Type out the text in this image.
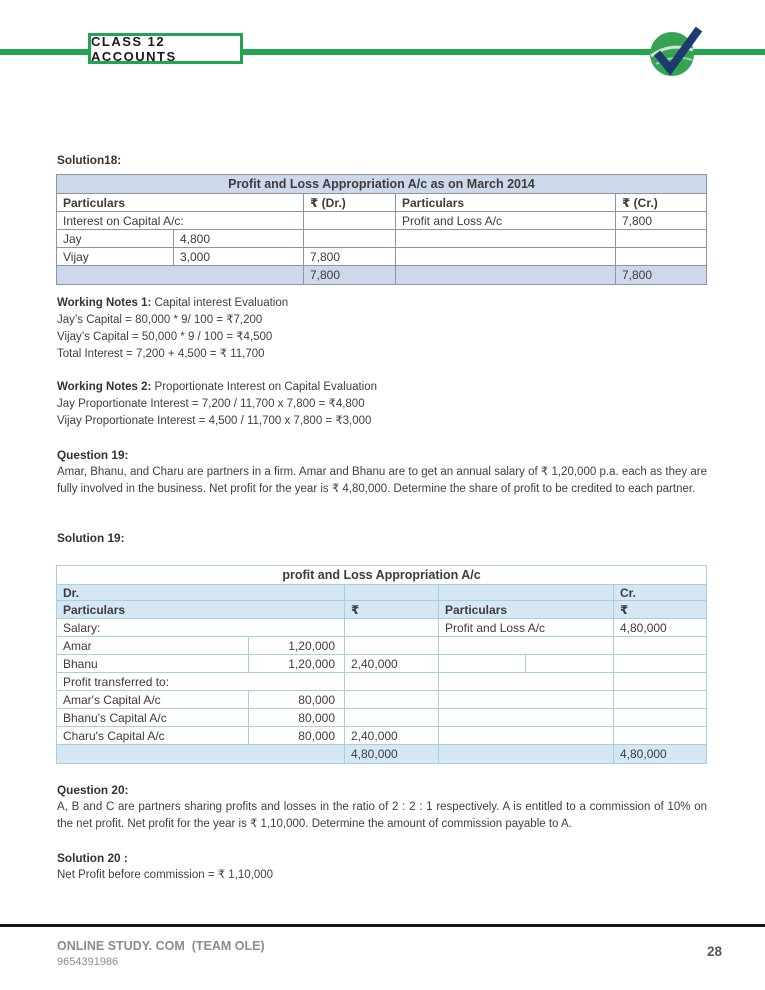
CLASS 12 ACCOUNTS
Solution18:
Profit and Loss Appropriation A/c as on March 2014				
Particulars		₹ (Dr.)	Particulars	₹ (Cr.)
Interest on Capital A/c:			Profit and Loss A/c	7,800
Jay	4,800			
Vijay	3,000	7,800		
		7,800		7,800
Working Notes 1: Capital interest Evaluation
Jay’s Capital = 80,000 * 9/ 100 = ₹7,200
Vijay’s Capital = 50,000 * 9 / 100 = ₹4,500
Total Interest = 7,200 + 4,500 = ₹ 11,700
Working Notes 2: Proportionate Interest on Capital Evaluation
Jay Proportionate Interest = 7,200 / 11,700 x 7,800 = ₹4,800
Vijay Proportionate Interest = 4,500 / 11,700 x 7,800 = ₹3,000
Question 19:
Amar, Bhanu, and Charu are partners in a firm. Amar and Bhanu are to get an annual salary of ₹ 1,20,000 p.a. each as they are fully involved in the business. Net profit for the year is ₹ 4,80,000. Determine the share of profit to be credited to each partner.
Solution 19:
profit and Loss Appropriation A/c					
Dr.					Cr.
Particulars		₹	Particulars		₹
Salary:			Profit and Loss A/c		4,80,000
Amar	1,20,000				
Bhanu	1,20,000	2,40,000			
Profit transferred to:					
Amar's Capital A/c	80,000				
Bhanu's Capital A/c	80,000				
Charu's Capital A/c	80,000	2,40,000			
		4,80,000			4,80,000
Question 20:
A, B and C are partners sharing profits and losses in the ratio of 2 : 2 : 1 respectively. A is entitled to a commission of 10% on the net profit. Net profit for the year is ₹ 1,10,000. Determine the amount of commission payable to A.
Solution 20 :
Net Profit before commission = ₹ 1,10,000
ONLINE STUDY. COM  (TEAM OLE)
9654391986
28
